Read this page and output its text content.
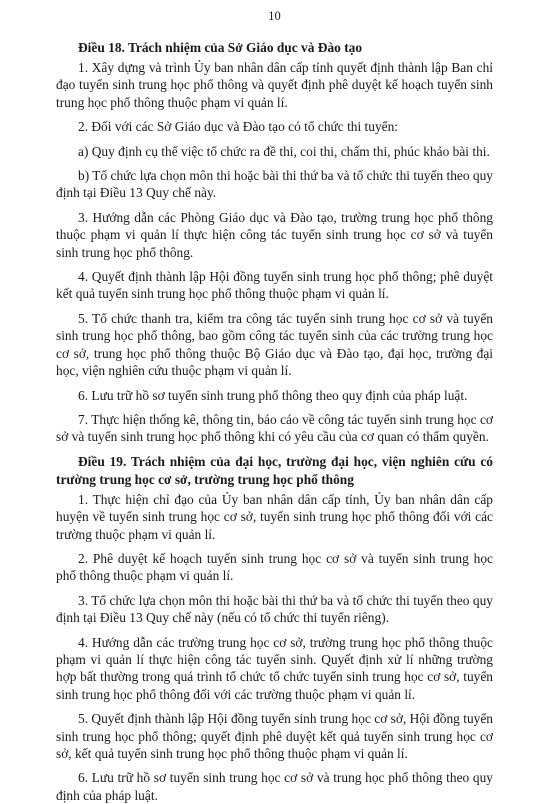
10
Điều 18. Trách nhiệm của Sở Giáo dục và Đào tạo

1. Xây dựng và trình Ủy ban nhân dân cấp tỉnh quyết định thành lập Ban chỉ đạo tuyển sinh trung học phổ thông và quyết định phê duyệt kế hoạch tuyển sinh trung học phổ thông thuộc phạm vi quản lí.

2. Đối với các Sở Giáo dục và Đào tạo có tổ chức thi tuyển:

a) Quy định cụ thể việc tổ chức ra đề thi, coi thi, chấm thi, phúc khảo bài thi.

b) Tổ chức lựa chọn môn thi hoặc bài thi thứ ba và tổ chức thi tuyển theo quy định tại Điều 13 Quy chế này.

3. Hướng dẫn các Phòng Giáo dục và Đào tạo, trường trung học phổ thông thuộc phạm vi quản lí thực hiện công tác tuyển sinh trung học cơ sở và tuyển sinh trung học phổ thông.

4. Quyết định thành lập Hội đồng tuyển sinh trung học phổ thông; phê duyệt kết quả tuyển sinh trung học phổ thông thuộc phạm vi quản lí.

5. Tổ chức thanh tra, kiểm tra công tác tuyển sinh trung học cơ sở và tuyển sinh trung học phổ thông, bao gồm công tác tuyển sinh của các trường trung học cơ sở, trung học phổ thông thuộc Bộ Giáo dục và Đào tạo, đại học, trường đại học, viện nghiên cứu thuộc phạm vi quản lí.

6. Lưu trữ hồ sơ tuyển sinh trung phổ thông theo quy định của pháp luật.

7. Thực hiện thống kê, thông tin, báo cáo về công tác tuyển sinh trung học cơ sở và tuyển sinh trung học phổ thông khi có yêu cầu của cơ quan có thẩm quyền.

Điều 19. Trách nhiệm của đại học, trường đại học, viện nghiên cứu có trường trung học cơ sở, trường trung học phổ thông

1. Thực hiện chỉ đạo của Ủy ban nhân dân cấp tỉnh, Ủy ban nhân dân cấp huyện về tuyển sinh trung học cơ sở, tuyển sinh trung học phổ thông đối với các trường thuộc phạm vi quản lí.

2. Phê duyệt kế hoạch tuyển sinh trung học cơ sở và tuyển sinh trung học phổ thông thuộc phạm vi quản lí.

3. Tổ chức lựa chọn môn thi hoặc bài thi thứ ba và tổ chức thi tuyển theo quy định tại Điều 13 Quy chế này (nếu có tổ chức thi tuyển riêng).

4. Hướng dẫn các trường trung học cơ sở, trường trung học phổ thông thuộc phạm vi quản lí thực hiện công tác tuyển sinh. Quyết định xử lí những trường hợp bất thường trong quá trình tổ chức tổ chức tuyển sinh trung học cơ sở, tuyển sinh trung học phổ thông đối với các trường thuộc phạm vi quản lí.

5. Quyết định thành lập Hội đồng tuyển sinh trung học cơ sở, Hội đồng tuyển sinh trung học phổ thông; quyết định phê duyệt kết quả tuyển sinh trung học cơ sở, kết quả tuyển sinh trung học phổ thông thuộc phạm vi quản lí.

6. Lưu trữ hồ sơ tuyển sinh trung học cơ sở và trung học phổ thông theo quy định của pháp luật.
